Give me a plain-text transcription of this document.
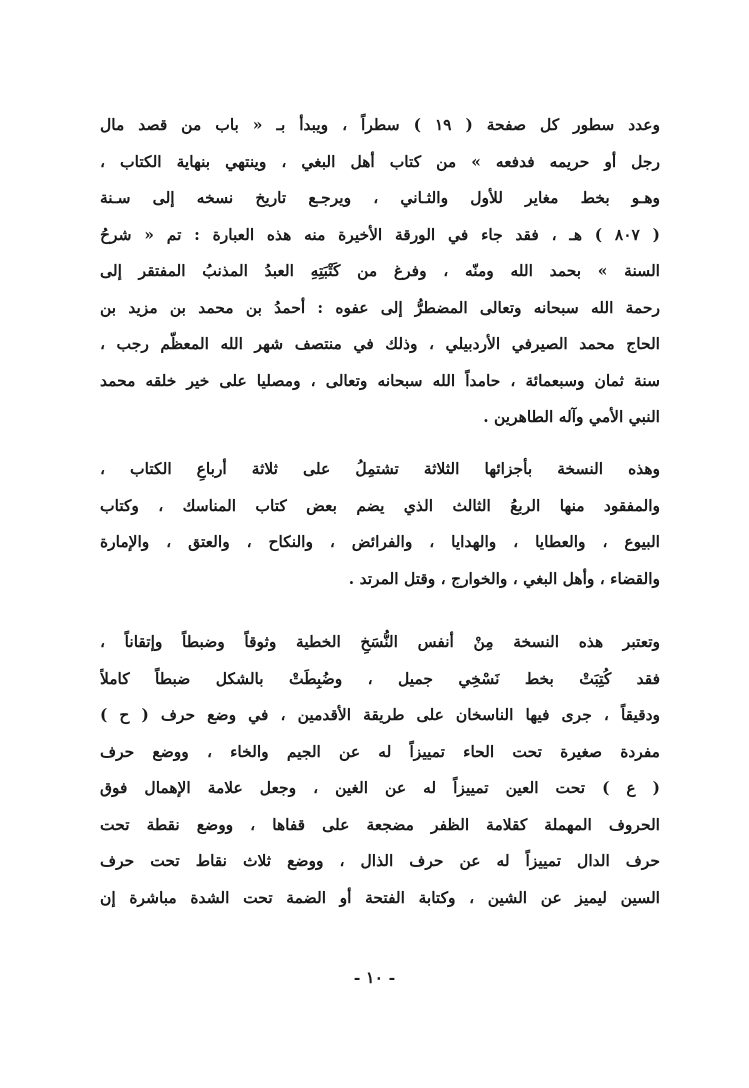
وعدد سطور كل صفحة ( ١٩ ) سطراً ، ويبدأ بـ « باب من قصد مال
رجل أو حريمه فدفعه » من كتاب أهل البغي ، وينتهي بنهاية الكتاب ،
وهـو بخط مغاير للأول والثـاني ، ويرجـع تاريخ نسخه إلى سـنة
( ٨٠٧ ) هـ ، فقد جاء في الورقة الأخيرة منه هذه العبارة : تم « شرحُ
السنة » بحمد الله ومنّه ، وفرغ من كَتْبَتِهِ العبدُ المذنبُ المفتقر إلى
رحمة الله سبحانه وتعالى المضطرُّ إلى عفوه : أحمدُ بن محمد بن مزيد بن
الحاج محمد الصيرفي الأردبيلي ، وذلك في منتصف شهر الله المعظّم رجب ،
سنة ثمان وسبعمائة ، حامداً الله سبحانه وتعالى ، ومصليا على خير خلقه محمد
النبي الأمي وآله الطاهرين .
وهذه النسخة بأجزائها الثلاثة تشتمِلُ على ثلاثة أرباعِ الكتاب ،
والمفقود منها الربعُ الثالث الذي يضم بعض كتاب المناسك ، وكتاب
البيوع ، والعطايا ، والهدايا ، والفرائض ، والنكاح ، والعتق ، والإمارة
والقضاء ، وأهل البغي ، والخوارج ، وقتل المرتد .
وتعتبر هذه النسخة مِنْ أنفس النُّسَخِ الخطية وثوقاً وضبطاً وإتقاناً ،
فقد كُتِبَتْ بخط نَسْخِي جميل ، وضُبِطَتْ بالشكل ضبطاً كاملاً
ودقيقاً ، جرى فيها الناسخان على طريقة الأقدمين ، في وضع حرف ( ح )
مفردة صغيرة تحت الحاء تمييزاً له عن الجيم والخاء ، ووضع حرف
( ع ) تحت العين تمييزاً له عن الغين ، وجعل علامة الإهمال فوق
الحروف المهملة كقلامة الظفر مضجعة على قفاها ، ووضع نقطة تحت
حرف الدال تمييزاً له عن حرف الذال ، ووضع ثلاث نقاط تحت حرف
السين ليميز عن الشين ، وكتابة الفتحة أو الضمة تحت الشدة مباشرة إن
- ١٠ -
